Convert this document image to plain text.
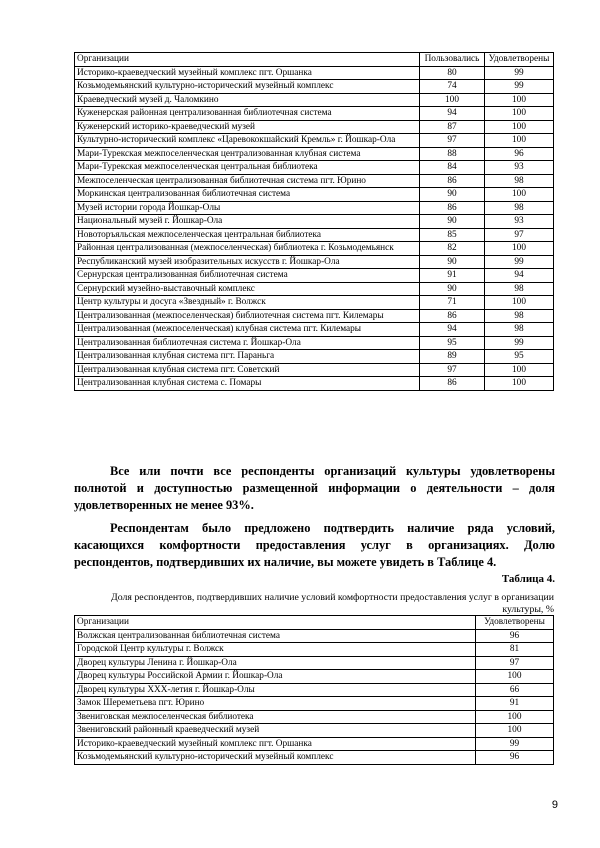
Организации	Пользовались	Удовлетворены
Историко-краеведческий музейный комплекс пгт. Оршанка	80	99
Козьмодемьянский культурно-исторический музейный комплекс	74	99
Краеведческий музей д. Чаломкино	100	100
Куженерская районная централизованная библиотечная система	94	100
Куженерский историко-краеведческий музей	87	100
Культурно-исторический комплекс «Царевококшайский Кремль» г. Йошкар-Ола	97	100
Мари-Турекская межпоселенческая централизованная клубная система	88	96
Мари-Турекская межпоселенческая центральная библиотека	84	93
Межпоселенческая централизованная библиотечная система пгт. Юрино	86	98
Моркинская централизованная библиотечная система	90	100
Музей истории города Йошкар-Олы	86	98
Национальный музей г. Йошкар-Ола	90	93
Новоторъяльская межпоселенческая центральная библиотека	85	97
Районная централизованная (межпоселенческая) библиотека г. Козьмодемьянск	82	100
Республиканский музей изобразительных искусств г. Йошкар-Ола	90	99
Сернурская централизованная библиотечная система	91	94
Сернурский музейно-выставочный комплекс	90	98
Центр культуры и досуга «Звездный» г. Волжск	71	100
Централизованная (межпоселенческая) библиотечная система пгт. Килемары	86	98
Централизованная (межпоселенческая) клубная система пгт. Килемары	94	98
Централизованная библиотечная система г. Йошкар-Ола	95	99
Централизованная клубная система пгт. Параньга	89	95
Централизованная клубная система пгт. Советский	97	100
Централизованная клубная система с. Помары	86	100

Все или почти все респонденты организаций культуры удовлетворены полнотой и доступностью размещенной информации о деятельности – доля удовлетворенных не менее 93%.

Респондентам было предложено подтвердить наличие ряда условий, касающихся комфортности предоставления услуг в организациях. Долю респондентов, подтвердивших их наличие, вы можете увидеть в Таблице 4.

Таблица 4.

Доля респондентов, подтвердивших наличие условий комфортности предоставления услуг в организации культуры, %

Организации	Удовлетворены
Волжская централизованная библиотечная система	96
Городской Центр культуры г. Волжск	81
Дворец культуры Ленина г. Йошкар-Ола	97
Дворец культуры Российской Армии г. Йошкар-Ола	100
Дворец культуры XXX-летия г. Йошкар-Олы	66
Замок Шереметьева пгт. Юрино	91
Звениговская межпоселенческая библиотека	100
Звениговский районный краеведческий музей	100
Историко-краеведческий музейный комплекс пгт. Оршанка	99
Козьмодемьянский культурно-исторический музейный комплекс	96

9
